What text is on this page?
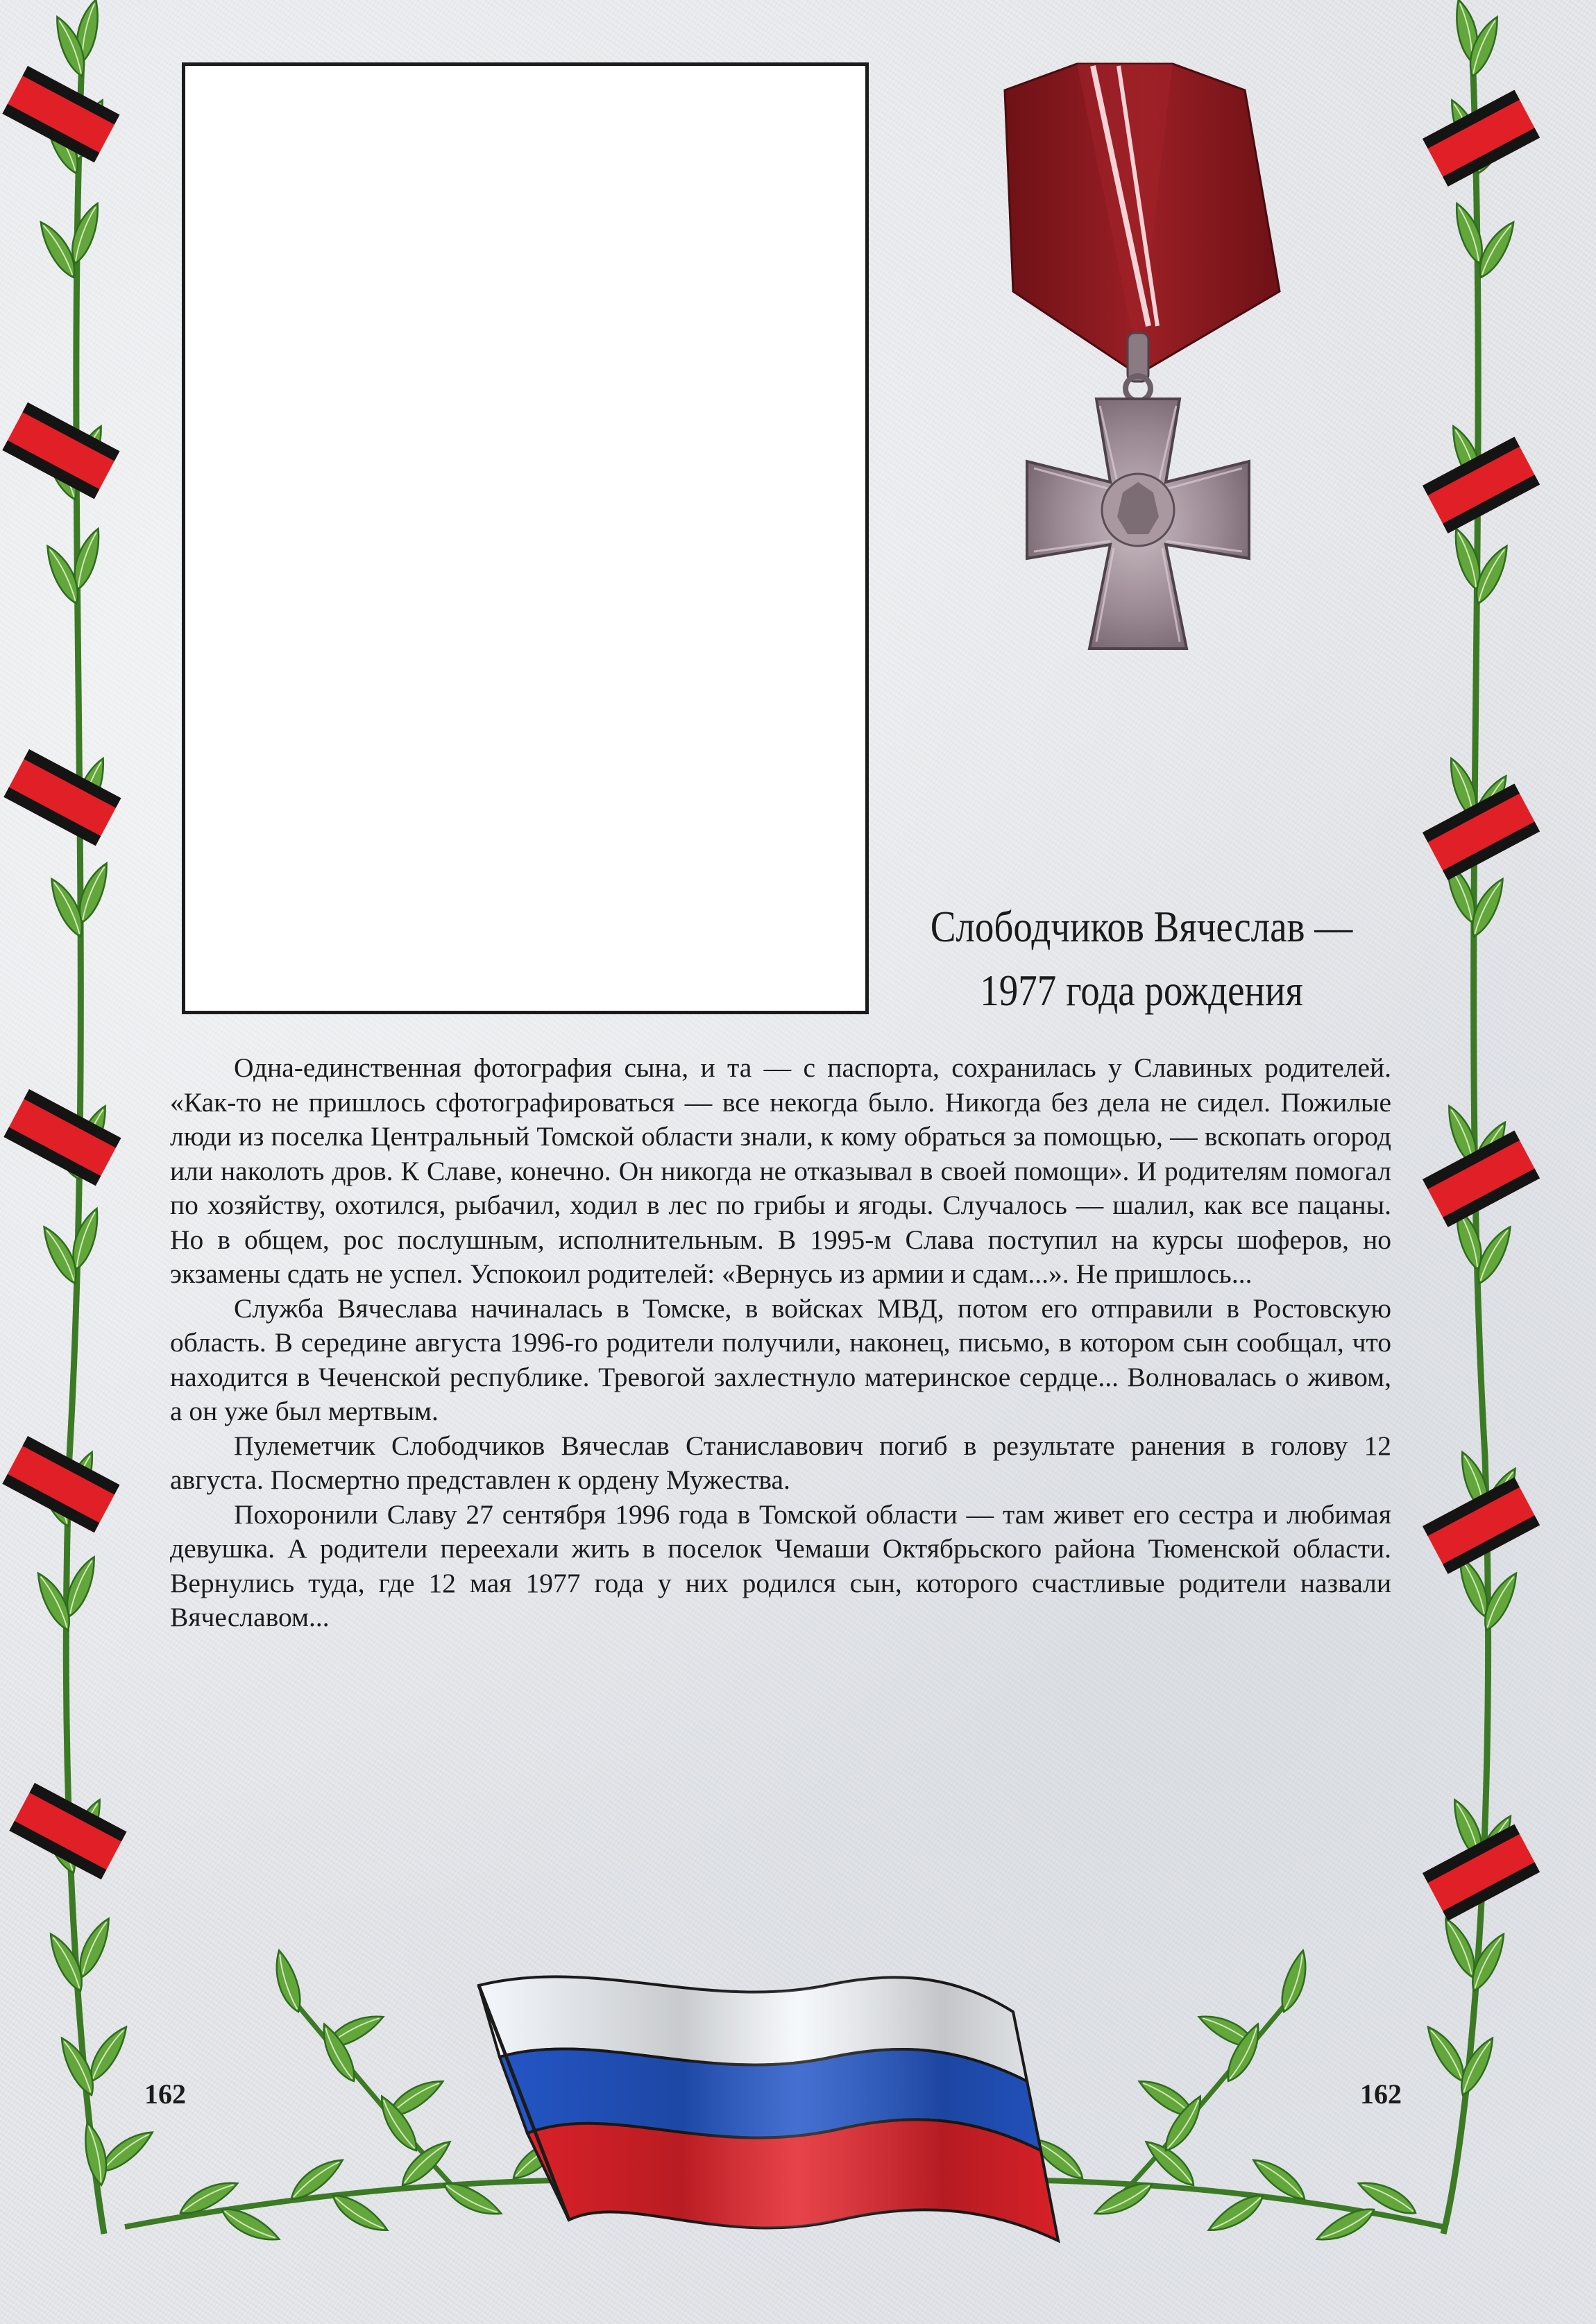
Слободчиков Вячеслав —
1977 года рождения

Одна-единственная фотография сына, и та — с паспорта, сохранилась у Славиных родителей. «Как-то не пришлось сфотографироваться — все некогда было. Никогда без дела не сидел. Пожилые люди из поселка Центральный Томской области знали, к кому обраться за помощью, — вскопать огород или наколоть дров. К Славе, конечно. Он никогда не отказывал в своей помощи». И родителям помогал по хозяйству, охотился, рыбачил, ходил в лес по грибы и ягоды. Случалось — шалил, как все пацаны. Но в общем, рос послушным, исполнительным. В 1995-м Слава поступил на курсы шоферов, но экзамены сдать не успел. Успокоил родителей: «Вернусь из армии и сдам...». Не пришлось...

Служба Вячеслава начиналась в Томске, в войсках МВД, потом его отправили в Ростовскую область. В середине августа 1996-го родители получили, наконец, письмо, в котором сын сообщал, что находится в Чеченской республике. Тревогой захлестнуло материнское сердце... Волновалась о живом, а он уже был мертвым.

Пулеметчик Слободчиков Вячеслав Станиславович погиб в результате ранения в голову 12 августа. Посмертно представлен к ордену Мужества.

Похоронили Славу 27 сентября 1996 года в Томской области — там живет его сестра и любимая девушка. А родители переехали жить в поселок Чемаши Октябрьского района Тюменской области. Вернулись туда, где 12 мая 1977 года у них родился сын, которого счастливые родители назвали Вячеславом...

162	162
